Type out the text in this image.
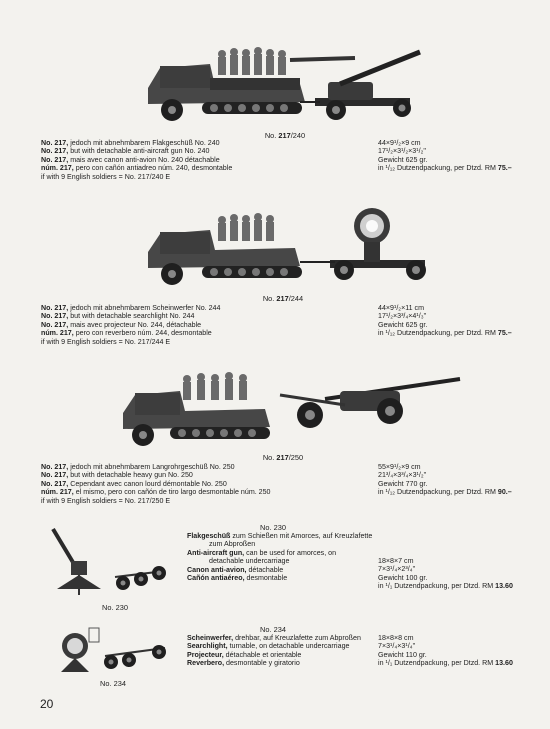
No. 217/240
No. 217, jedoch mit abnehmbarem Flakgeschüß No. 240
No. 217, but with detachable anti-aircraft gun No. 240
No. 217, mais avec canon anti-avion No. 240 détachable
núm. 217, pero con cañón antiadreo núm. 240, desmontable
if with 9 English soldiers = No. 217/240 E
44×9¹/₂×9 cm
17¹/₂×3¹/₂×3¹/₂"
Gewicht 625 gr.
in ¹/₁₂ Dutzendpackung, per Dtzd. RM 75.–
No. 217/244
No. 217, jedoch mit abnehmbarem Scheinwerfer No. 244
No. 217, but with detachable searchlight No. 244
No. 217, mais avec projecteur No. 244, détachable
núm. 217, pero con reverbero núm. 244, desmontable
if with 9 English soldiers = No. 217/244 E
44×9¹/₂×11 cm
17¹/₂×3³/₄×4¹/₃"
Gewicht 625 gr.
in ¹/₁₂ Dutzendpackung, per Dtzd. RM 75.–
No. 217/250
No. 217, jedoch mit abnehmbarem Langrohrgeschüß No. 250
No. 217, but with detachable heavy gun No. 250
No. 217, Cependant avec canon lourd démontable No. 250
núm. 217, el mismo, pero con cañón de tiro largo desmontable núm. 250
if with 9 English soldiers = No. 217/250 E
55×9¹/₂×9 cm
21³/₄×3³/₄×3¹/₂"
Gewicht 770 gr.
in ¹/₁₂ Dutzendpackung, per Dtzd. RM 90.–
No. 230
No. 230
Flakgeschüß zum Schießen mit Amorces, auf Kreuzlafette
zum Abproßen
Anti-aircraft gun, can be used for amorces, on
detachable undercarriage
Canon anti-avion, détachable
Cañón antiaéreo, desmontable
18×8×7 cm
7×3¹/₄×2³/₄"
Gewicht 100 gr.
in ¹/₁ Dutzendpackung, per Dtzd. RM 13.60
No. 234
No. 234
Scheinwerfer, drehbar, auf Kreuzlafette zum Abproßen
Searchlight, turnable, on detachable undercarriage
Projecteur, détachable et orientable
Reverbero, desmontable y giratorio
18×8×8 cm
7×3¹/₄×3¹/₄"
Gewicht 110 gr.
in ¹/₁ Dutzendpackung, per Dtzd. RM 13.60
20
